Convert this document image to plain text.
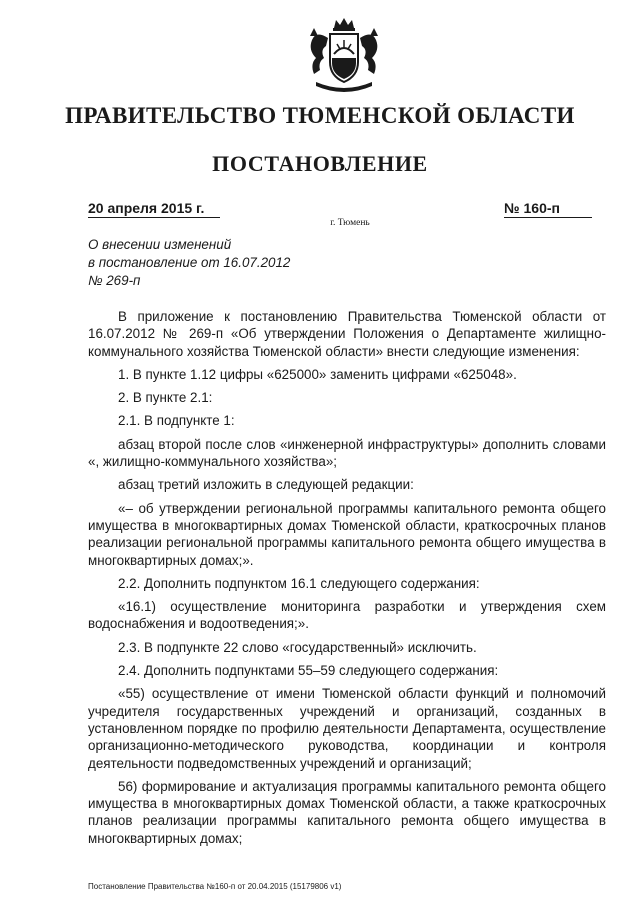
ПРАВИТЕЛЬСТВО ТЮМЕНСКОЙ ОБЛАСТИ
ПОСТАНОВЛЕНИЕ
20 апреля 2015 г.
г. Тюмень
№ 160-п
О внесении изменений
в постановление от 16.07.2012
№ 269-п

В приложение к постановлению Правительства Тюменской области от 16.07.2012 № 269-п «Об утверждении Положения о Департаменте жилищно-коммунального хозяйства Тюменской области» внести следующие изменения:

1. В пункте 1.12 цифры «625000» заменить цифрами «625048».

2. В пункте 2.1:

2.1. В подпункте 1:

абзац второй после слов «инженерной инфраструктуры» дополнить словами «, жилищно-коммунального хозяйства»;

абзац третий изложить в следующей редакции:

«– об утверждении региональной программы капитального ремонта общего имущества в многоквартирных домах Тюменской области, краткосрочных планов реализации региональной программы капитального ремонта общего имущества в многоквартирных домах;».

2.2. Дополнить подпунктом 16.1 следующего содержания:

«16.1) осуществление мониторинга разработки и утверждения схем водоснабжения и водоотведения;».

2.3. В подпункте 22 слово «государственный» исключить.

2.4. Дополнить подпунктами 55–59 следующего содержания:

«55) осуществление от имени Тюменской области функций и полномочий учредителя государственных учреждений и организаций, созданных в установленном порядке по профилю деятельности Департамента, осуществление организационно-методического руководства, координации и контроля деятельности подведомственных учреждений и организаций;

56) формирование и актуализация программы капитального ремонта общего имущества в многоквартирных домах Тюменской области, а также краткосрочных планов реализации программы капитального ремонта общего имущества в многоквартирных домах;

Постановление Правительства №160-п от 20.04.2015 (15179806 v1)
